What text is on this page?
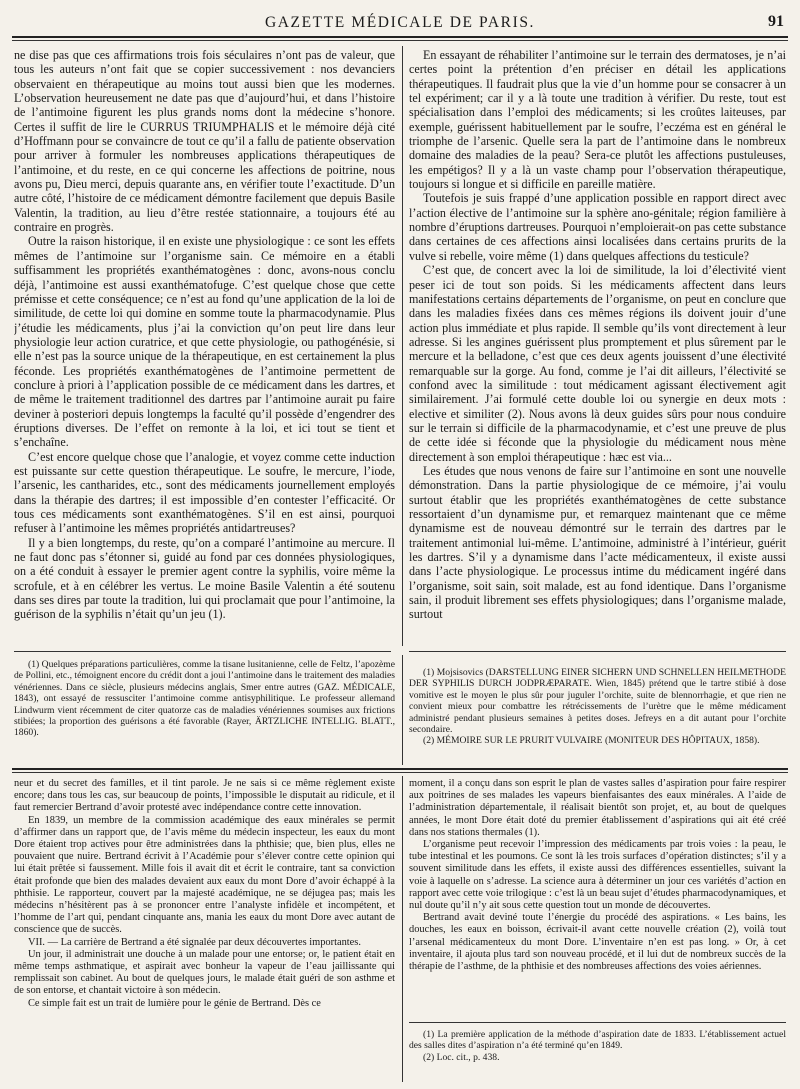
GAZETTE MÉDICALE DE PARIS.	91

ne dise pas que ces affirmations trois fois séculaires n’ont pas de valeur, que tous les auteurs n’ont fait que se copier successivement : nos devanciers observaient en thérapeutique au moins tout aussi bien que les modernes. L’observation heureusement ne date pas que d’aujourd’hui, et dans l’histoire de l’antimoine figurent les plus grands noms dont la médecine s’honore. Certes il suffit de lire le CURRUS TRIUMPHALIS et le mémoire déjà cité d’Hoffmann pour se convaincre de tout ce qu’il a fallu de patiente observation pour arriver à formuler les nombreuses applications thérapeutiques de l’antimoine, et du reste, en ce qui concerne les affections de poitrine, nous avons pu, Dieu merci, depuis quarante ans, en vérifier toute l’exactitude. D’un autre côté, l’histoire de ce médicament démontre facilement que depuis Basile Valentin, la tradition, au lieu d’être restée stationnaire, a toujours été au contraire en progrès.

Outre la raison historique, il en existe une physiologique : ce sont les effets mêmes de l’antimoine sur l’organisme sain. Ce mémoire en a établi suffisamment les propriétés exanthématogènes : donc, avons-nous conclu déjà, l’antimoine est aussi exanthématofuge. C’est quelque chose que cette prémisse et cette conséquence; ce n’est au fond qu’une application de la loi de similitude, de cette loi qui domine en somme toute la pharmacodynamie. Plus j’étudie les médicaments, plus j’ai la conviction qu’on peut lire dans leur physiologie leur action curatrice, et que cette physiologie, ou pathogénésie, si elle n’est pas la source unique de la thérapeutique, en est certainement la plus féconde. Les propriétés exanthématogènes de l’antimoine permettent de conclure à priori à l’application possible de ce médicament dans les dartres, et de même le traitement traditionnel des dartres par l’antimoine aurait pu faire deviner à posteriori depuis longtemps la faculté qu’il possède d’engendrer des éruptions diverses. De l’effet on remonte à la loi, et ici tout se tient et s’enchaîne.

C’est encore quelque chose que l’analogie, et voyez comme cette induction est puissante sur cette question thérapeutique. Le soufre, le mercure, l’iode, l’arsenic, les cantharides, etc., sont des médicaments journellement employés dans la thérapie des dartres; il est impossible d’en contester l’efficacité. Or tous ces médicaments sont exanthématogènes. S’il en est ainsi, pourquoi refuser à l’antimoine les mêmes propriétés antidartreuses?

Il y a bien longtemps, du reste, qu’on a comparé l’antimoine au mercure. Il ne faut donc pas s’étonner si, guidé au fond par ces données physiologiques, on a été conduit à essayer le premier agent contre la syphilis, voire même la scrofule, et à en célébrer les vertus. Le moine Basile Valentin a été soutenu dans ses dires par toute la tradition, lui qui proclamait que pour l’antimoine, la guérison de la syphilis n’était qu’un jeu (1).

En essayant de réhabiliter l’antimoine sur le terrain des dermatoses, je n’ai certes point la prétention d’en préciser en détail les applications thérapeutiques. Il faudrait plus que la vie d’un homme pour se consacrer à un tel expériment; car il y a là toute une tradition à vérifier. Du reste, tout est spécialisation dans l’emploi des médicaments; si les croûtes laiteuses, par exemple, guérissent habituellement par le soufre, l’eczéma est en général le triomphe de l’arsenic. Quelle sera la part de l’antimoine dans le nombreux domaine des maladies de la peau? Sera-ce plutôt les affections pustuleuses, les empétigos? Il y a là un vaste champ pour l’observation thérapeutique, toujours si longue et si difficile en pareille matière.

Toutefois je suis frappé d’une application possible en rapport direct avec l’action élective de l’antimoine sur la sphère ano-génitale; région familière à nombre d’éruptions dartreuses. Pourquoi n’emploierait-on pas cette substance dans certaines de ces affections ainsi localisées dans certains prurits de la vulve si rebelle, voire même (1) dans quelques affections du testicule?

C’est que, de concert avec la loi de similitude, la loi d’électivité vient peser ici de tout son poids. Si les médicaments affectent dans leurs manifestations certains départements de l’organisme, on peut en conclure que dans les maladies fixées dans ces mêmes régions ils doivent jouir d’une action plus immédiate et plus rapide. Il semble qu’ils vont directement à leur adresse. Si les angines guérissent plus promptement et plus sûrement par le mercure et la belladone, c’est que ces deux agents jouissent d’une électivité remarquable sur la gorge. Au fond, comme je l’ai dit ailleurs, l’électivité se confond avec la similitude : tout médicament agissant électivement agit similairement. J’ai formulé cette double loi ou synergie en deux mots : elective et similiter (2). Nous avons là deux guides sûrs pour nous conduire sur le terrain si difficile de la pharmacodynamie, et c’est une preuve de plus de cette idée si féconde que la physiologie du médicament nous mène directement à son emploi thérapeutique : hæc est via...

Les études que nous venons de faire sur l’antimoine en sont une nouvelle démonstration. Dans la partie physiologique de ce mémoire, j’ai voulu surtout établir que les propriétés exanthématogènes de cette substance ressortaient d’un dynamisme pur, et remarquez maintenant que ce même dynamisme est de nouveau démontré sur le terrain des dartres par le traitement antimonial lui-même. L’antimoine, administré à l’intérieur, guérit les dartres. S’il y a dynamisme dans l’acte médicamenteux, il existe aussi dans l’acte physiologique. Le processus intime du médicament ingéré dans l’organisme, soit sain, soit malade, est au fond identique. Dans l’organisme sain, il produit librement ses effets physiologiques; dans l’organisme malade, surtout

(1) Quelques préparations particulières, comme la tisane lusitanienne, celle de Feltz, l’apozème de Pollini, etc., témoignent encore du crédit dont a joui l’antimoine dans le traitement des maladies vénériennes. Dans ce siècle, plusieurs médecins anglais, Smer entre autres (GAZ. MÉDICALE, 1843), ont essayé de ressusciter l’antimoine comme antisyphilitique. Le professeur allemand Lindwurm vient récemment de citer quatorze cas de maladies vénériennes soumises aux frictions stibiées; la proportion des guérisons a été favorable (Rayer, ÄRTZLICHE INTELLIG. BLATT., 1860).

(1) Mojsisovics (DARSTELLUNG EINER SICHERN UND SCHNELLEN HEILMETHODE DER SYPHILIS DURCH JODPRÆPARATE. Wien, 1845) prétend que le tartre stibié à dose vomitive est le moyen le plus sûr pour juguler l’orchite, suite de blennorrhagie, et que rien ne convient mieux pour combattre les rétrécissements de l’urètre que le même médicament administré pendant plusieurs semaines à petites doses. Jefreys en a dit autant pour l’orchite secondaire.

(2) MÉMOIRE SUR LE PRURIT VULVAIRE (MONITEUR DES HÔPITAUX, 1858).

neur et du secret des familles, et il tint parole. Je ne sais si ce même règlement existe encore; dans tous les cas, sur beaucoup de points, l’impossible le disputait au ridicule, et il faut remercier Bertrand d’avoir protesté avec indépendance contre cette innovation.

En 1839, un membre de la commission académique des eaux minérales se permit d’affirmer dans un rapport que, de l’avis même du médecin inspecteur, les eaux du mont Dore étaient trop actives pour être administrées dans la phthisie; que, bien plus, elles ne pouvaient que nuire. Bertrand écrivit à l’Académie pour s’élever contre cette opinion qui lui était prêtée si faussement. Mille fois il avait dit et écrit le contraire, tant sa conviction était profonde que bien des malades devaient aux eaux du mont Dore d’avoir échappé à la phthisie. Le rapporteur, couvert par la majesté académique, ne se déjugea pas; mais les médecins n’hésitèrent pas à se prononcer entre l’analyste infidèle et incompétent, et l’homme de l’art qui, pendant cinquante ans, mania les eaux du mont Dore avec autant de conscience que de succès.

VII. — La carrière de Bertrand a été signalée par deux découvertes importantes.

Un jour, il administrait une douche à un malade pour une entorse; or, le patient était en même temps asthmatique, et aspirait avec bonheur la vapeur de l’eau jaillissante qui remplissait son cabinet. Au bout de quelques jours, le malade était guéri de son asthme et de son entorse, et chantait victoire à son médecin.

Ce simple fait est un trait de lumière pour le génie de Bertrand. Dès ce

moment, il a conçu dans son esprit le plan de vastes salles d’aspiration pour faire respirer aux poitrines de ses malades les vapeurs bienfaisantes des eaux minérales. A l’aide de l’administration départementale, il réalisait bientôt son projet, et, au bout de quelques années, le mont Dore était doté du premier établissement d’aspirations qui ait été créé dans nos stations thermales (1).

L’organisme peut recevoir l’impression des médicaments par trois voies : la peau, le tube intestinal et les poumons. Ce sont là les trois surfaces d’opération distinctes; s’il y a souvent similitude dans les effets, il existe aussi des différences essentielles, suivant la voie à laquelle on s’adresse. La science aura à déterminer un jour ces variétés d’action en rapport avec cette voie trilogique : c’est là un beau sujet d’études pharmacodynamiques, et nul doute qu’il n’y ait sous cette question tout un monde de découvertes.

Bertrand avait deviné toute l’énergie du procédé des aspirations. « Les bains, les douches, les eaux en boisson, écrivait-il avant cette nouvelle création (2), voilà tout l’arsenal médicamenteux du mont Dore. L’inventaire n’en est pas long. » Or, à cet inventaire, il ajouta plus tard son nouveau procédé, et il lui dut de nombreux succès de la thérapie de l’asthme, de la phthisie et des nombreuses affections des voies aériennes.

(1) La première application de la méthode d’aspiration date de 1833. L’établissement actuel des salles dites d’aspiration n’a été terminé qu’en 1849.

(2) Loc. cit., p. 438.
